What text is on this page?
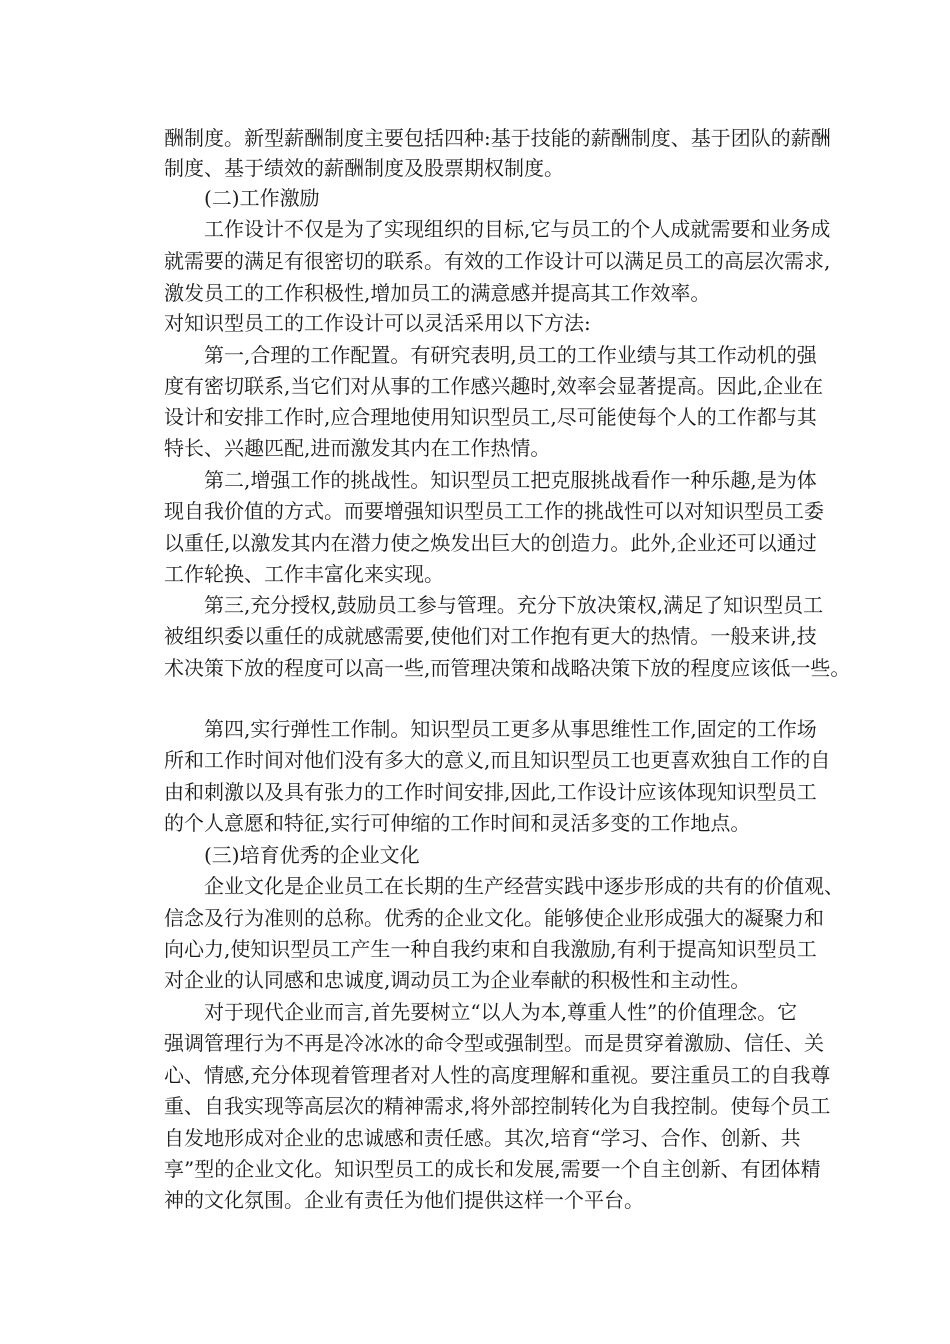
酬制度。新型薪酬制度主要包括四种:基于技能的薪酬制度、基于团队的薪酬

制度、基于绩效的薪酬制度及股票期权制度。

(二)工作激励

工作设计不仅是为了实现组织的目标,它与员工的个人成就需要和业务成

就需要的满足有很密切的联系。有效的工作设计可以满足员工的高层次需求,

激发员工的工作积极性,增加员工的满意感并提高其工作效率。

对知识型员工的工作设计可以灵活采用以下方法:

第一,合理的工作配置。有研究表明,员工的工作业绩与其工作动机的强

度有密切联系,当它们对从事的工作感兴趣时,效率会显著提高。因此,企业在

设计和安排工作时,应合理地使用知识型员工,尽可能使每个人的工作都与其

特长、兴趣匹配,进而激发其内在工作热情。

第二,增强工作的挑战性。知识型员工把克服挑战看作一种乐趣,是为体

现自我价值的方式。而要增强知识型员工工作的挑战性可以对知识型员工委

以重任,以激发其内在潜力使之焕发出巨大的创造力。此外,企业还可以通过

工作轮换、工作丰富化来实现。

第三,充分授权,鼓励员工参与管理。充分下放决策权,满足了知识型员工

被组织委以重任的成就感需要,使他们对工作抱有更大的热情。一般来讲,技

术决策下放的程度可以高一些,而管理决策和战略决策下放的程度应该低一些。

第四,实行弹性工作制。知识型员工更多从事思维性工作,固定的工作场

所和工作时间对他们没有多大的意义,而且知识型员工也更喜欢独自工作的自

由和刺激以及具有张力的工作时间安排,因此,工作设计应该体现知识型员工

的个人意愿和特征,实行可伸缩的工作时间和灵活多变的工作地点。

(三)培育优秀的企业文化

企业文化是企业员工在长期的生产经营实践中逐步形成的共有的价值观、

信念及行为准则的总称。优秀的企业文化。能够使企业形成强大的凝聚力和

向心力,使知识型员工产生一种自我约束和自我激励,有利于提高知识型员工

对企业的认同感和忠诚度,调动员工为企业奉献的积极性和主动性。

对于现代企业而言,首先要树立“以人为本,尊重人性”的价值理念。它

强调管理行为不再是冷冰冰的命令型或强制型。而是贯穿着激励、信任、关

心、情感,充分体现着管理者对人性的高度理解和重视。要注重员工的自我尊

重、自我实现等高层次的精神需求,将外部控制转化为自我控制。使每个员工

自发地形成对企业的忠诚感和责任感。其次,培育“学习、合作、创新、共

享”型的企业文化。知识型员工的成长和发展,需要一个自主创新、有团体精

神的文化氛围。企业有责任为他们提供这样一个平台。
